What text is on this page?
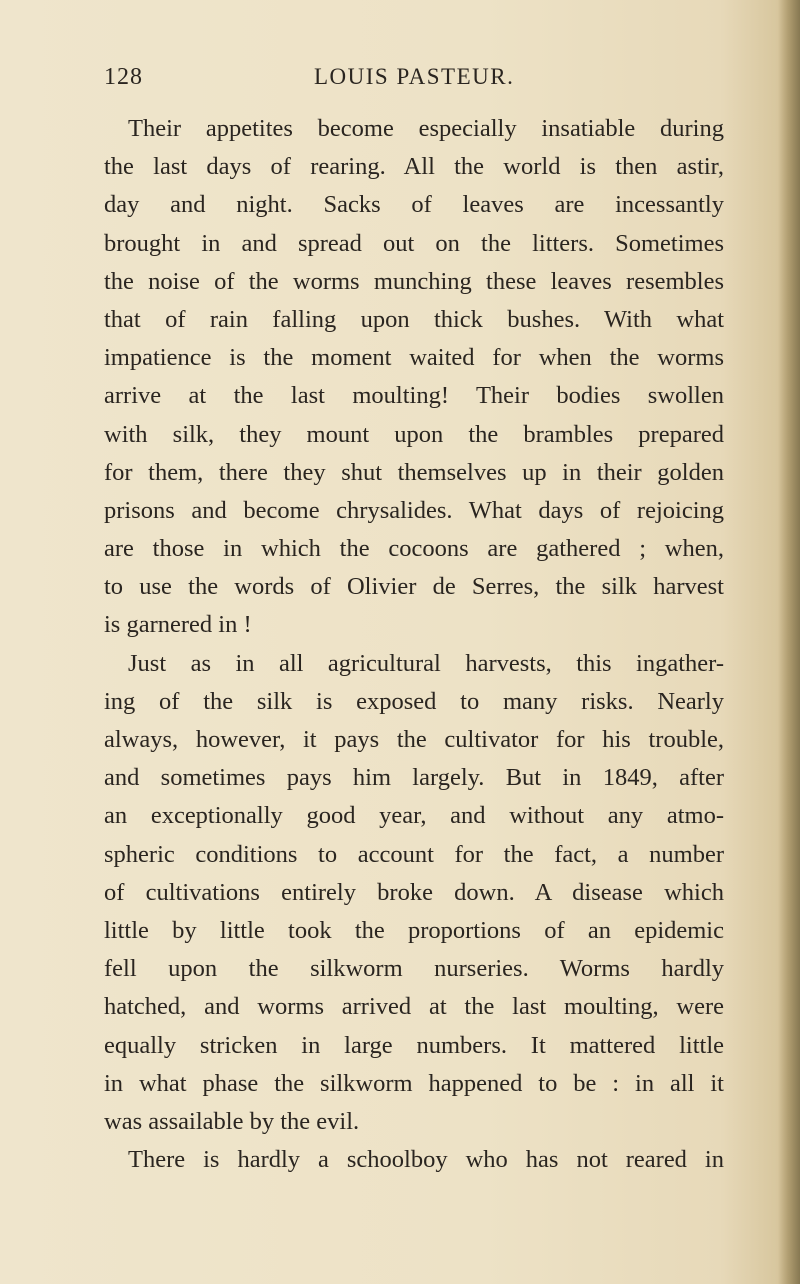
128	LOUIS PASTEUR.
Their appetites become especially insatiable during
the last days of rearing. All the world is then astir,
day and night. Sacks of leaves are incessantly
brought in and spread out on the litters. Sometimes
the noise of the worms munching these leaves resembles
that of rain falling upon thick bushes. With what
impatience is the moment waited for when the worms
arrive at the last moulting! Their bodies swollen
with silk, they mount upon the brambles prepared
for them, there they shut themselves up in their golden
prisons and become chrysalides. What days of rejoicing
are those in which the cocoons are gathered ; when,
to use the words of Olivier de Serres, the silk harvest
is garnered in !
Just as in all agricultural harvests, this ingather-
ing of the silk is exposed to many risks. Nearly
always, however, it pays the cultivator for his trouble,
and sometimes pays him largely. But in 1849, after
an exceptionally good year, and without any atmo-
spheric conditions to account for the fact, a number
of cultivations entirely broke down. A disease which
little by little took the proportions of an epidemic
fell upon the silkworm nurseries. Worms hardly
hatched, and worms arrived at the last moulting, were
equally stricken in large numbers. It mattered little
in what phase the silkworm happened to be : in all it
was assailable by the evil.
There is hardly a schoolboy who has not reared in
